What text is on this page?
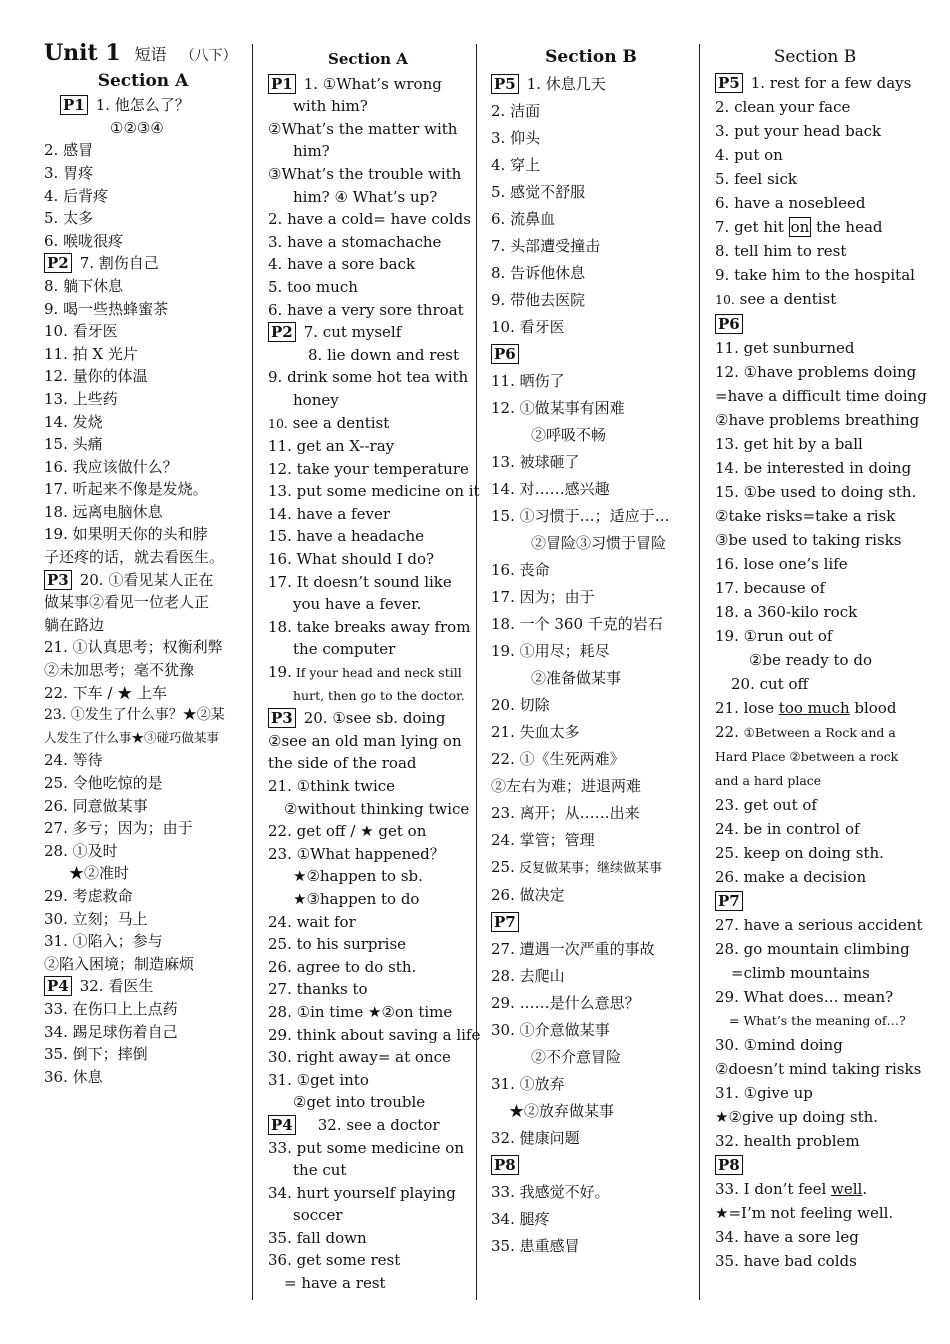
Unit 1 短语 （八下）
Section A
P1 1. 他怎么了？
①②③④
2. 感冒
3. 胃疼
4. 后背疼
5. 太多
6. 喉咙很疼
P2 7. 割伤自己
8. 躺下休息
9. 喝一些热蜂蜜茶
10. 看牙医
11. 拍 X 光片
12. 量你的体温
13. 上些药
14. 发烧
15. 头痛
16. 我应该做什么？
17. 听起来不像是发烧。
18. 远离电脑休息
19. 如果明天你的头和脖
子还疼的话，就去看医生。
P3 20. ①看见某人正在
做某事②看见一位老人正
躺在路边
21. ①认真思考；权衡利弊
②未加思考；毫不犹豫
22. 下车 / ★ 上车
23. ①发生了什么事？★②某
人发生了什么事★③碰巧做某事
24. 等待
25. 令他吃惊的是
26. 同意做某事
27. 多亏；因为；由于
28. ①及时
★②准时
29. 考虑救命
30. 立刻；马上
31. ①陷入；参与
②陷入困境；制造麻烦
P4 32. 看医生
33. 在伤口上上点药
34. 踢足球伤着自己
35. 倒下；摔倒
36. 休息
Section A
P1 1. ①What’s wrong
with him?
②What’s the matter with
him?
③What’s the trouble with
him? ④ What’s up?
2. have a cold= have colds
3. have a stomachache
4. have a sore back
5. too much
6. have a very sore throat
P2 7. cut myself
8. lie down and rest
9. drink some hot tea with
honey
10. see a dentist
11. get an X--ray
12. take your temperature
13. put some medicine on it
14. have a fever
15. have a headache
16. What should I do?
17. It doesn’t sound like
you have a fever.
18. take breaks away from
the computer
19. If your head and neck still
hurt, then go to the doctor.
P3 20. ①see sb. doing
②see an old man lying on
the side of the road
21. ①think twice
②without thinking twice
22. get off / ★ get on
23. ①What happened？
★②happen to sb.
★③happen to do
24. wait for
25. to his surprise
26. agree to do sth.
27. thanks to
28. ①in time ★②on time
29. think about saving a life
30. right away= at once
31. ①get into
②get into trouble
P4 32. see a doctor
33. put some medicine on
the cut
34. hurt yourself playing
soccer
35. fall down
36. get some rest
= have a rest
Section B
P5 1. 休息几天
2. 洁面
3. 仰头
4. 穿上
5. 感觉不舒服
6. 流鼻血
7. 头部遭受撞击
8. 告诉他休息
9. 带他去医院
10. 看牙医
P6
11. 晒伤了
12. ①做某事有困难
②呼吸不畅
13. 被球砸了
14. 对……感兴趣
15. ①习惯于…；适应于…
②冒险③习惯于冒险
16. 丧命
17. 因为；由于
18. 一个 360 千克的岩石
19. ①用尽；耗尽
②准备做某事
20. 切除
21. 失血太多
22. ①《生死两难》
②左右为难；进退两难
23. 离开；从……出来
24. 掌管；管理
25. 反复做某事；继续做某事
26. 做决定
P7
27. 遭遇一次严重的事故
28. 去爬山
29. ……是什么意思？
30. ①介意做某事
②不介意冒险
31. ①放弃
★②放弃做某事
32. 健康问题
P8
33. 我感觉不好。
34. 腿疼
35. 患重感冒
Section B
P5 1. rest for a few days
2. clean your face
3. put your head back
4. put on
5. feel sick
6. have a nosebleed
7. get hit on the head
8. tell him to rest
9. take him to the hospital
10. see a dentist
P6
11. get sunburned
12. ①have problems doing
=have a difficult time doing
②have problems breathing
13. get hit by a ball
14. be interested in doing
15. ①be used to doing sth.
②take risks=take a risk
③be used to taking risks
16. lose one’s life
17. because of
18. a 360-kilo rock
19. ①run out of
②be ready to do
20. cut off
21. lose too much blood
22. ①Between a Rock and a
Hard Place ②between a rock
and a hard place
23. get out of
24. be in control of
25. keep on doing sth.
26. make a decision
P7
27. have a serious accident
28. go mountain climbing
=climb mountains
29. What does… mean?
= What’s the meaning of…?
30. ①mind doing
②doesn’t mind taking risks
31. ①give up
★②give up doing sth.
32. health problem
P8
33. I don’t feel well.
★=I’m not feeling well.
34. have a sore leg
35. have bad colds
